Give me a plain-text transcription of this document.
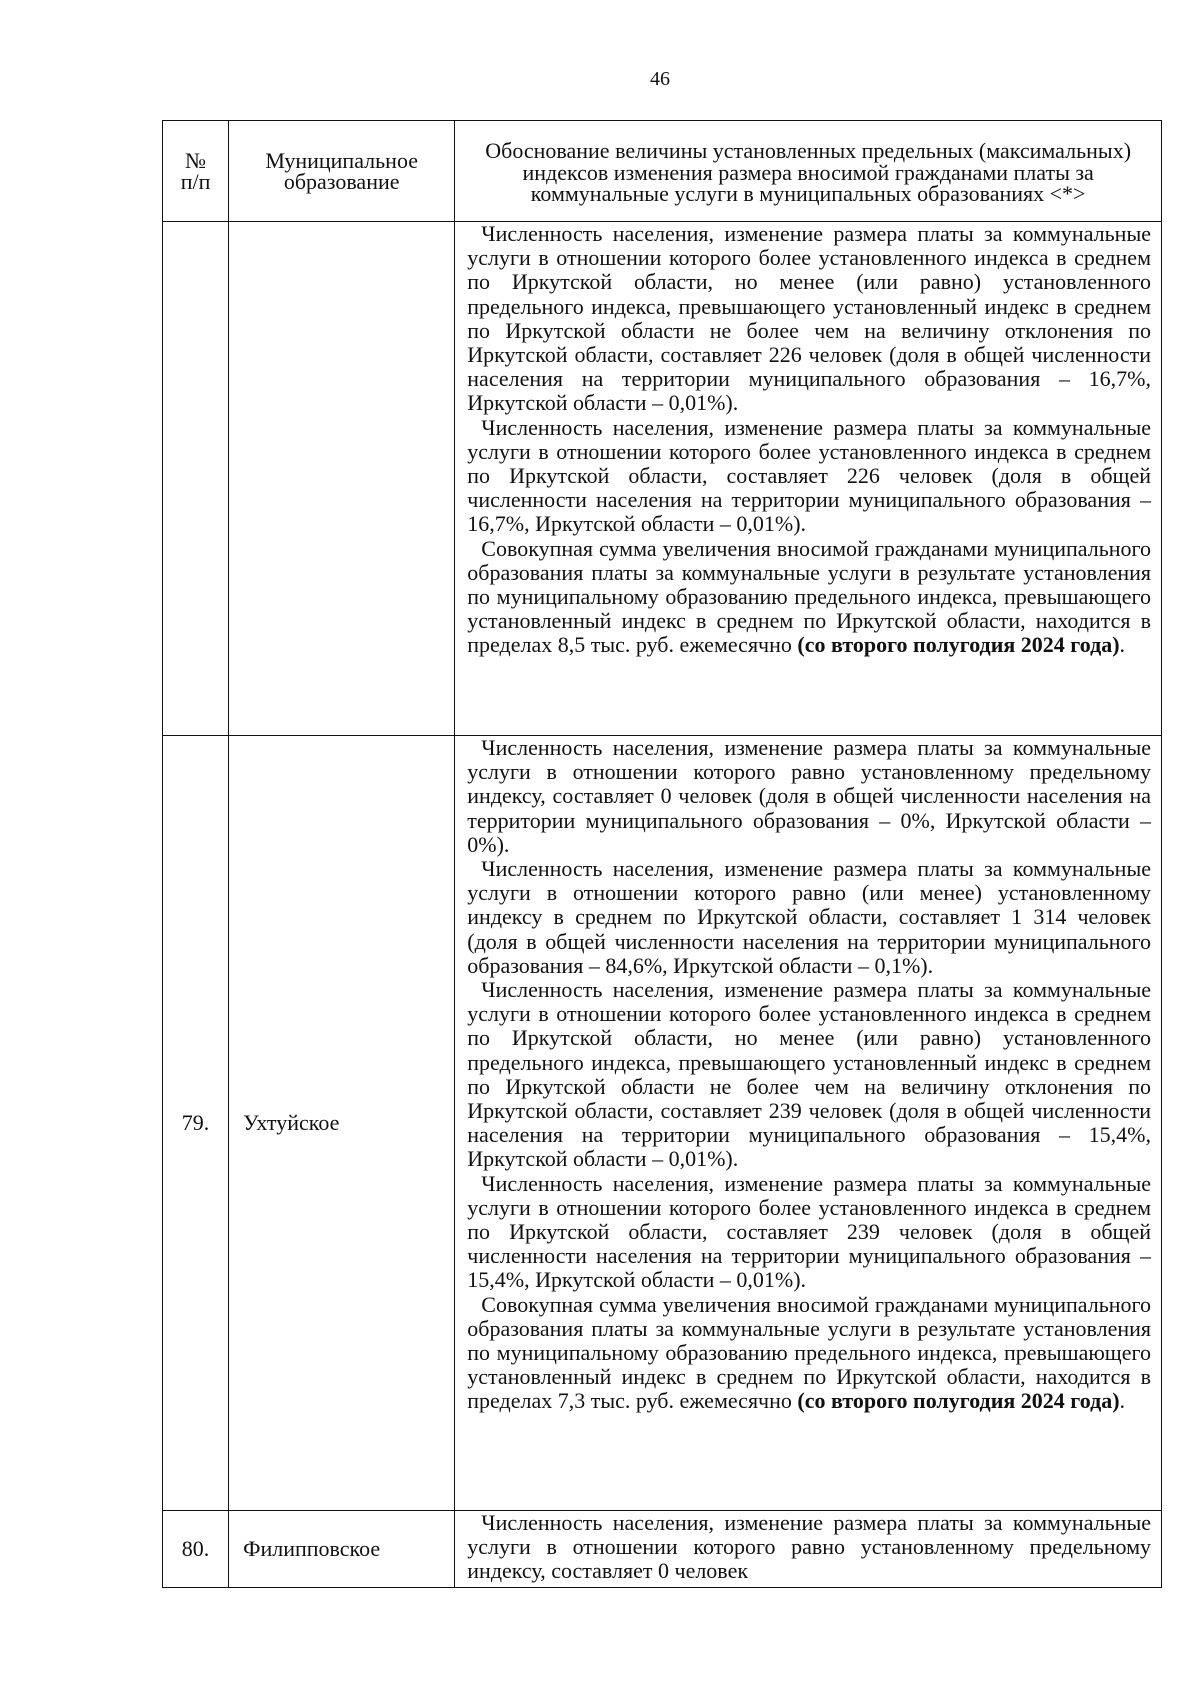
46
№
п/п	Муниципальное образование	Обоснование величины установленных предельных (максимальных) индексов изменения размера вносимой гражданами платы за коммунальные услуги в муниципальных образованиях <*>

		Численность населения, изменение размера платы за коммунальные услуги в отношении которого более установленного индекса в среднем по Иркутской области, но менее (или равно) установленного предельного индекса, превышающего установленный индекс в среднем по Иркутской области не более чем на величину отклонения по Иркутской области, составляет 226 человек (доля в общей численности населения на территории муниципального образования – 16,7%, Иркутской области – 0,01%).

Численность населения, изменение размера платы за коммунальные услуги в отношении которого более установленного индекса в среднем по Иркутской области, составляет 226 человек (доля в общей численности населения на территории муниципального образования – 16,7%, Иркутской области – 0,01%).

Совокупная сумма увеличения вносимой гражданами муниципального образования платы за коммунальные услуги в результате установления по муниципальному образованию предельного индекса, превышающего установленный индекс в среднем по Иркутской области, находится в пределах 8,5 тыс. руб. ежемесячно (со второго полугодия 2024 года).

79.	Ухтуйское	Численность населения, изменение размера платы за коммунальные услуги в отношении которого равно установленному предельному индексу, составляет 0 человек (доля в общей численности населения на территории муниципального образования – 0%, Иркутской области – 0%).

Численность населения, изменение размера платы за коммунальные услуги в отношении которого равно (или менее) установленному индексу в среднем по Иркутской области, составляет 1 314 человек (доля в общей численности населения на территории муниципального образования – 84,6%, Иркутской области – 0,1%).

Численность населения, изменение размера платы за коммунальные услуги в отношении которого более установленного индекса в среднем по Иркутской области, но менее (или равно) установленного предельного индекса, превышающего установленный индекс в среднем по Иркутской области не более чем на величину отклонения по Иркутской области, составляет 239 человек (доля в общей численности населения на территории муниципального образования – 15,4%, Иркутской области – 0,01%).

Численность населения, изменение размера платы за коммунальные услуги в отношении которого более установленного индекса в среднем по Иркутской области, составляет 239 человек (доля в общей численности населения на территории муниципального образования – 15,4%, Иркутской области – 0,01%).

Совокупная сумма увеличения вносимой гражданами муниципального образования платы за коммунальные услуги в результате установления по муниципальному образованию предельного индекса, превышающего установленный индекс в среднем по Иркутской области, находится в пределах 7,3 тыс. руб. ежемесячно (со второго полугодия 2024 года).

80.	Филипповское	Численность населения, изменение размера платы за коммунальные услуги в отношении которого равно установленному предельному индексу, составляет 0 человек
